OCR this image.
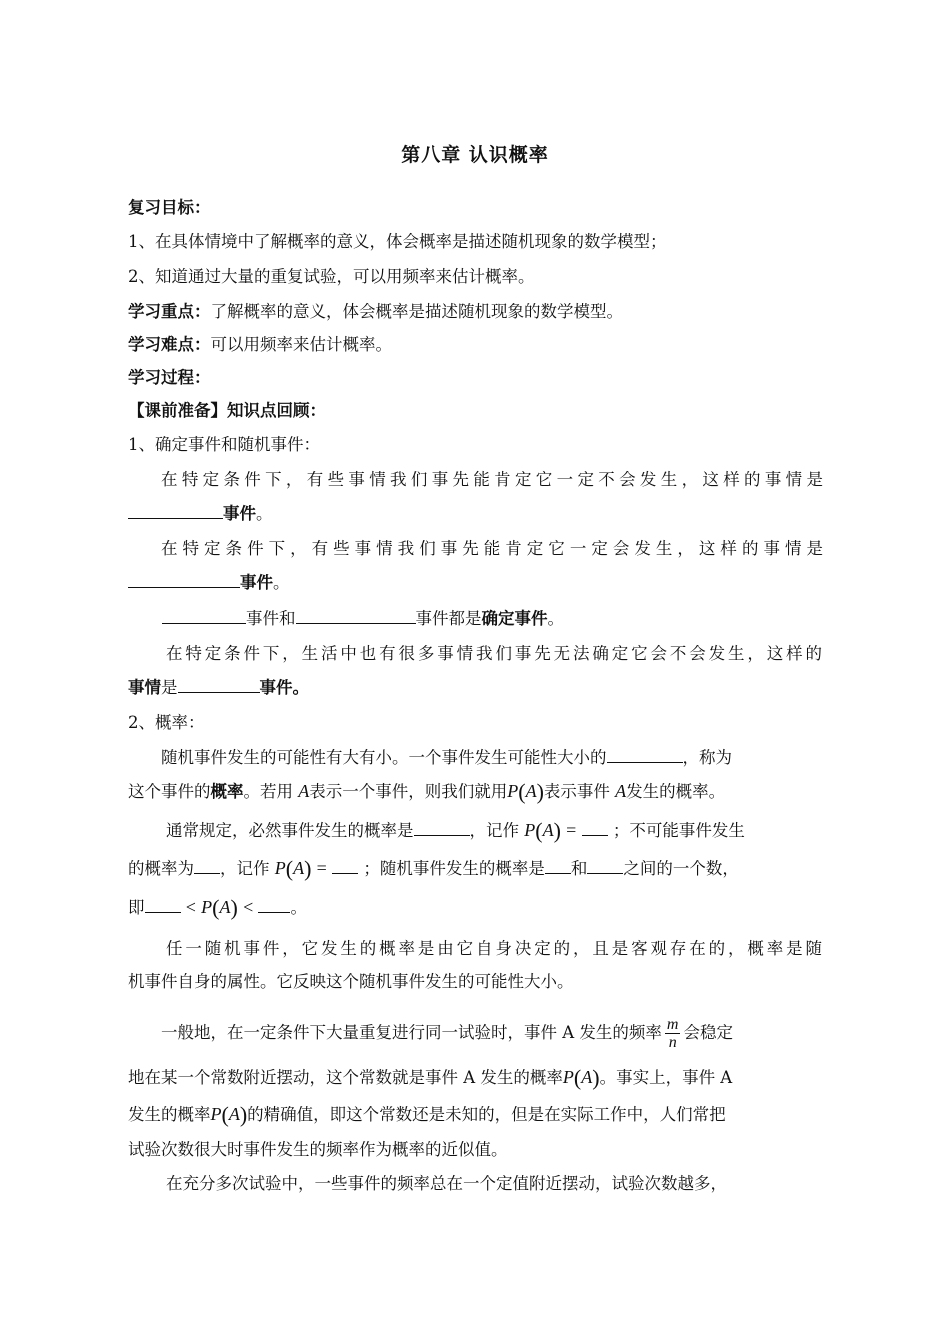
第八章 认识概率
复习目标：
1、在具体情境中了解概率的意义，体会概率是描述随机现象的数学模型；
2、知道通过大量的重复试验，可以用频率来估计概率。
学习重点：了解概率的意义，体会概率是描述随机现象的数学模型。
学习难点：可以用频率来估计概率。
学习过程：
【课前准备】知识点回顾：
1、确定事件和随机事件：
在特定条件下，有些事情我们事先能肯定它一定不会发生，这样的事情是
事件。
在特定条件下，有些事情我们事先能肯定它一定会发生，这样的事情是
事件。
事件和	事件都是确定事件。
在特定条件下，生活中也有很多事情我们事先无法确定它会不会发生，这样的
事情是	事件。
2、概率：
随机事件发生的可能性有大有小。一个事件发生可能性大小的	，称为
这个事件的概率。若用 A表示一个事件，则我们就用P(A)表示事件 A发生的概率。
通常规定，必然事件发生的概率是	，记作 P(A) = ；不可能事件发生
的概率为 ，记作 P(A) = ；随机事件发生的概率是 和 之间的一个数，
即 < P(A) < 。
任一随机事件，它发生的概率是由它自身决定的，且是客观存在的，概率是随
机事件自身的属性。它反映这个随机事件发生的可能性大小。
一般地，在一定条件下大量重复进行同一试验时，事件 A 发生的频率 $\frac{m}{n}$ 会稳定
地在某一个常数附近摆动，这个常数就是事件 A 发生的概率P(A)。事实上，事件 A
发生的概率P(A)的精确值，即这个常数还是未知的，但是在实际工作中，人们常把
试验次数很大时事件发生的频率作为概率的近似值。
在充分多次试验中，一些事件的频率总在一个定值附近摆动，试验次数越多，
